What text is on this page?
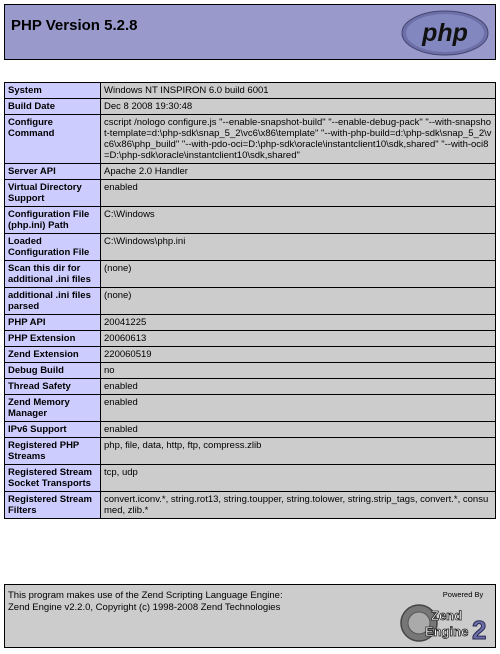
PHP Version 5.2.8	php
System	Windows NT INSPIRON 6.0 build 6001
Build Date	Dec 8 2008 19:30:48
Configure Command	cscript /nologo configure.js "--enable-snapshot-build" "--enable-debug-pack" "--with-snapshot-template=d:\php-sdk\snap_5_2\vc6\x86\template" "--with-php-build=d:\php-sdk\snap_5_2\vc6\x86\php_build" "--with-pdo-oci=D:\php-sdk\oracle\instantclient10\sdk,shared" "--with-oci8=D:\php-sdk\oracle\instantclient10\sdk,shared"
Server API	Apache 2.0 Handler
Virtual Directory Support	enabled
Configuration File (php.ini) Path	C:\Windows
Loaded Configuration File	C:\Windows\php.ini
Scan this dir for additional .ini files	(none)
additional .ini files parsed	(none)
PHP API	20041225
PHP Extension	20060613
Zend Extension	220060519
Debug Build	no
Thread Safety	enabled
Zend Memory Manager	enabled
IPv6 Support	enabled
Registered PHP Streams	php, file, data, http, ftp, compress.zlib
Registered Stream Socket Transports	tcp, udp
Registered Stream Filters	convert.iconv.*, string.rot13, string.toupper, string.tolower, string.strip_tags, convert.*, consumed, zlib.*
This program makes use of the Zend Scripting Language Engine:
Zend Engine v2.2.0, Copyright (c) 1998-2008 Zend Technologies
Powered By
Zend
Engine 2
